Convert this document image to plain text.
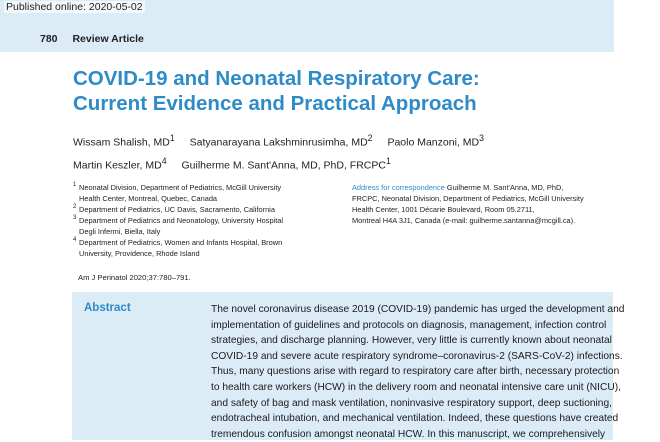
Published online: 2020-05-02
780 Review Article
COVID-19 and Neonatal Respiratory Care:
Current Evidence and Practical Approach
Wissam Shalish, $MD^1$ Satyanarayana Lakshminrusimha, $MD^2$ Paolo Manzoni, $MD^3$
Martin Keszler, $MD^4$ Guilherme M. Sant'Anna, MD, PhD, FRCPC$^1$
1 Neonatal Division, Department of Pediatrics, McGill University
Health Center, Montreal, Quebec, Canada
2 Department of Pediatrics, UC Davis, Sacramento, California
3 Department of Pediatrics and Neonatology, University Hospital
Degli Infermi, Biella, Italy
4 Department of Pediatrics, Women and Infants Hospital, Brown
University, Providence, Rhode Island
Address for correspondence Guilherme M. Sant'Anna, MD, PhD,
FRCPC, Neonatal Division, Department of Pediatrics, McGill University
Health Center, 1001 Décarie Boulevard, Room 05.2711,
Montreal H4A 3J1, Canada (e-mail: guilherme.santanna@mcgill.ca).
Am J Perinatol 2020;37:780–791.
Abstract	The novel coronavirus disease 2019 (COVID-19) pandemic has urged the development and
implementation of guidelines and protocols on diagnosis, management, infection control
strategies, and discharge planning. However, very little is currently known about neonatal
COVID-19 and severe acute respiratory syndrome–coronavirus-2 (SARS-CoV-2) infections.
Thus, many questions arise with regard to respiratory care after birth, necessary protection
to health care workers (HCW) in the delivery room and neonatal intensive care unit (NICU),
and safety of bag and mask ventilation, noninvasive respiratory support, deep suctioning,
endotracheal intubation, and mechanical ventilation. Indeed, these questions have created
tremendous confusion amongst neonatal HCW. In this manuscript, we comprehensively
